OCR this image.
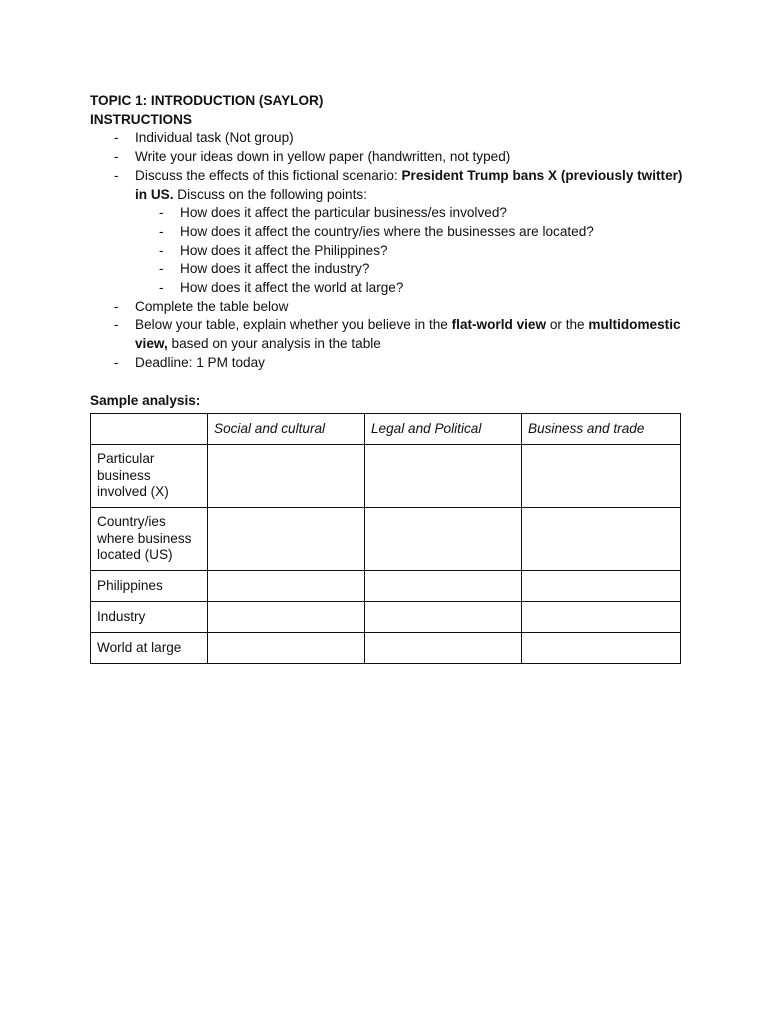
TOPIC 1: INTRODUCTION (SAYLOR)
INSTRUCTIONS
- Individual task (Not group)
- Write your ideas down in yellow paper (handwritten, not typed)
- Discuss the effects of this fictional scenario: President Trump bans X (previously twitter) in US. Discuss on the following points:
- How does it affect the particular business/es involved?
- How does it affect the country/ies where the businesses are located?
- How does it affect the Philippines?
- How does it affect the industry?
- How does it affect the world at large?
- Complete the table below
- Below your table, explain whether you believe in the flat-world view or the multidomestic view, based on your analysis in the table
- Deadline: 1 PM today
Sample analysis:
	Social and cultural	Legal and Political	Business and trade
Particular business involved (X)			
Country/ies where business located (US)			
Philippines			
Industry			
World at large			
